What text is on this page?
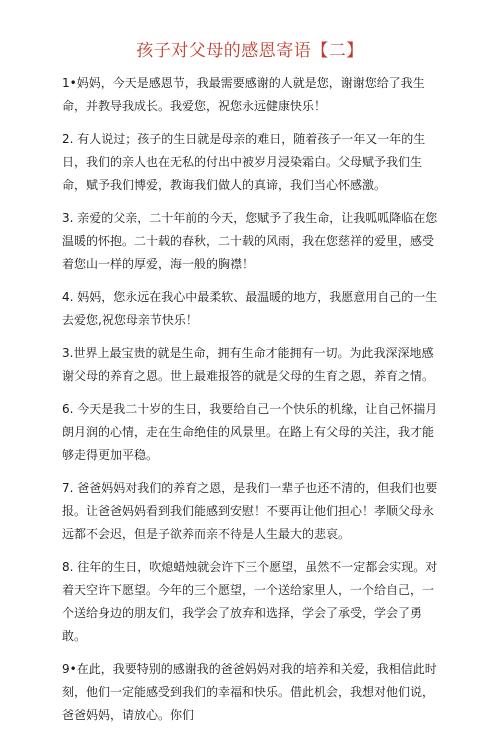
孩子对父母的感恩寄语【二】

1•妈妈，今天是感恩节，我最需要感谢的人就是您，谢谢您给了我生命，并教导我成长。我爱您，祝您永远健康快乐！

2. 有人说过；孩子的生日就是母亲的难日，随着孩子一年又一年的生日，我们的亲人也在无私的付出中被岁月浸染霜白。父母赋予我们生命，赋予我们博爱，教诲我们做人的真谛，我们当心怀感激。

3. 亲爱的父亲，二十年前的今天，您赋予了我生命，让我呱呱降临在您温暖的怀抱。二十载的春秋，二十载的风雨，我在您慈祥的爱里，感受着您山一样的厚爱，海一般的胸襟！

4. 妈妈，您永远在我心中最柔软、最温暖的地方，我愿意用自己的一生去爱您,祝您母亲节快乐！

3.世界上最宝贵的就是生命，拥有生命才能拥有一切。为此我深深地感谢父母的养育之恩。世上最难报答的就是父母的生育之恩，养育之情。

6. 今天是我二十岁的生日，我要给自己一个快乐的机缘，让自己怀揣月朗月润的心情，走在生命绝佳的风景里。在路上有父母的关注，我才能够走得更加平稳。

7. 爸爸妈妈对我们的养育之恩，是我们一辈子也还不清的，但我们也要报。让爸爸妈妈看到我们能感到安慰！不要再让他们担心！孝顺父母永远都不会迟，但是子欲养而亲不待是人生最大的悲哀。

8. 往年的生日，吹熄蜡烛就会许下三个愿望，虽然不一定都会实现。对着天空许下愿望。今年的三个愿望，一个送给家里人，一个给自己，一个送给身边的朋友们，我学会了放弃和选择，学会了承受，学会了勇敢。

9•在此，我要特别的感谢我的爸爸妈妈对我的培养和关爱，我相信此时刻，他们一定能感受到我们的幸福和快乐。借此机会，我想对他们说，爸爸妈妈，请放心。你们
